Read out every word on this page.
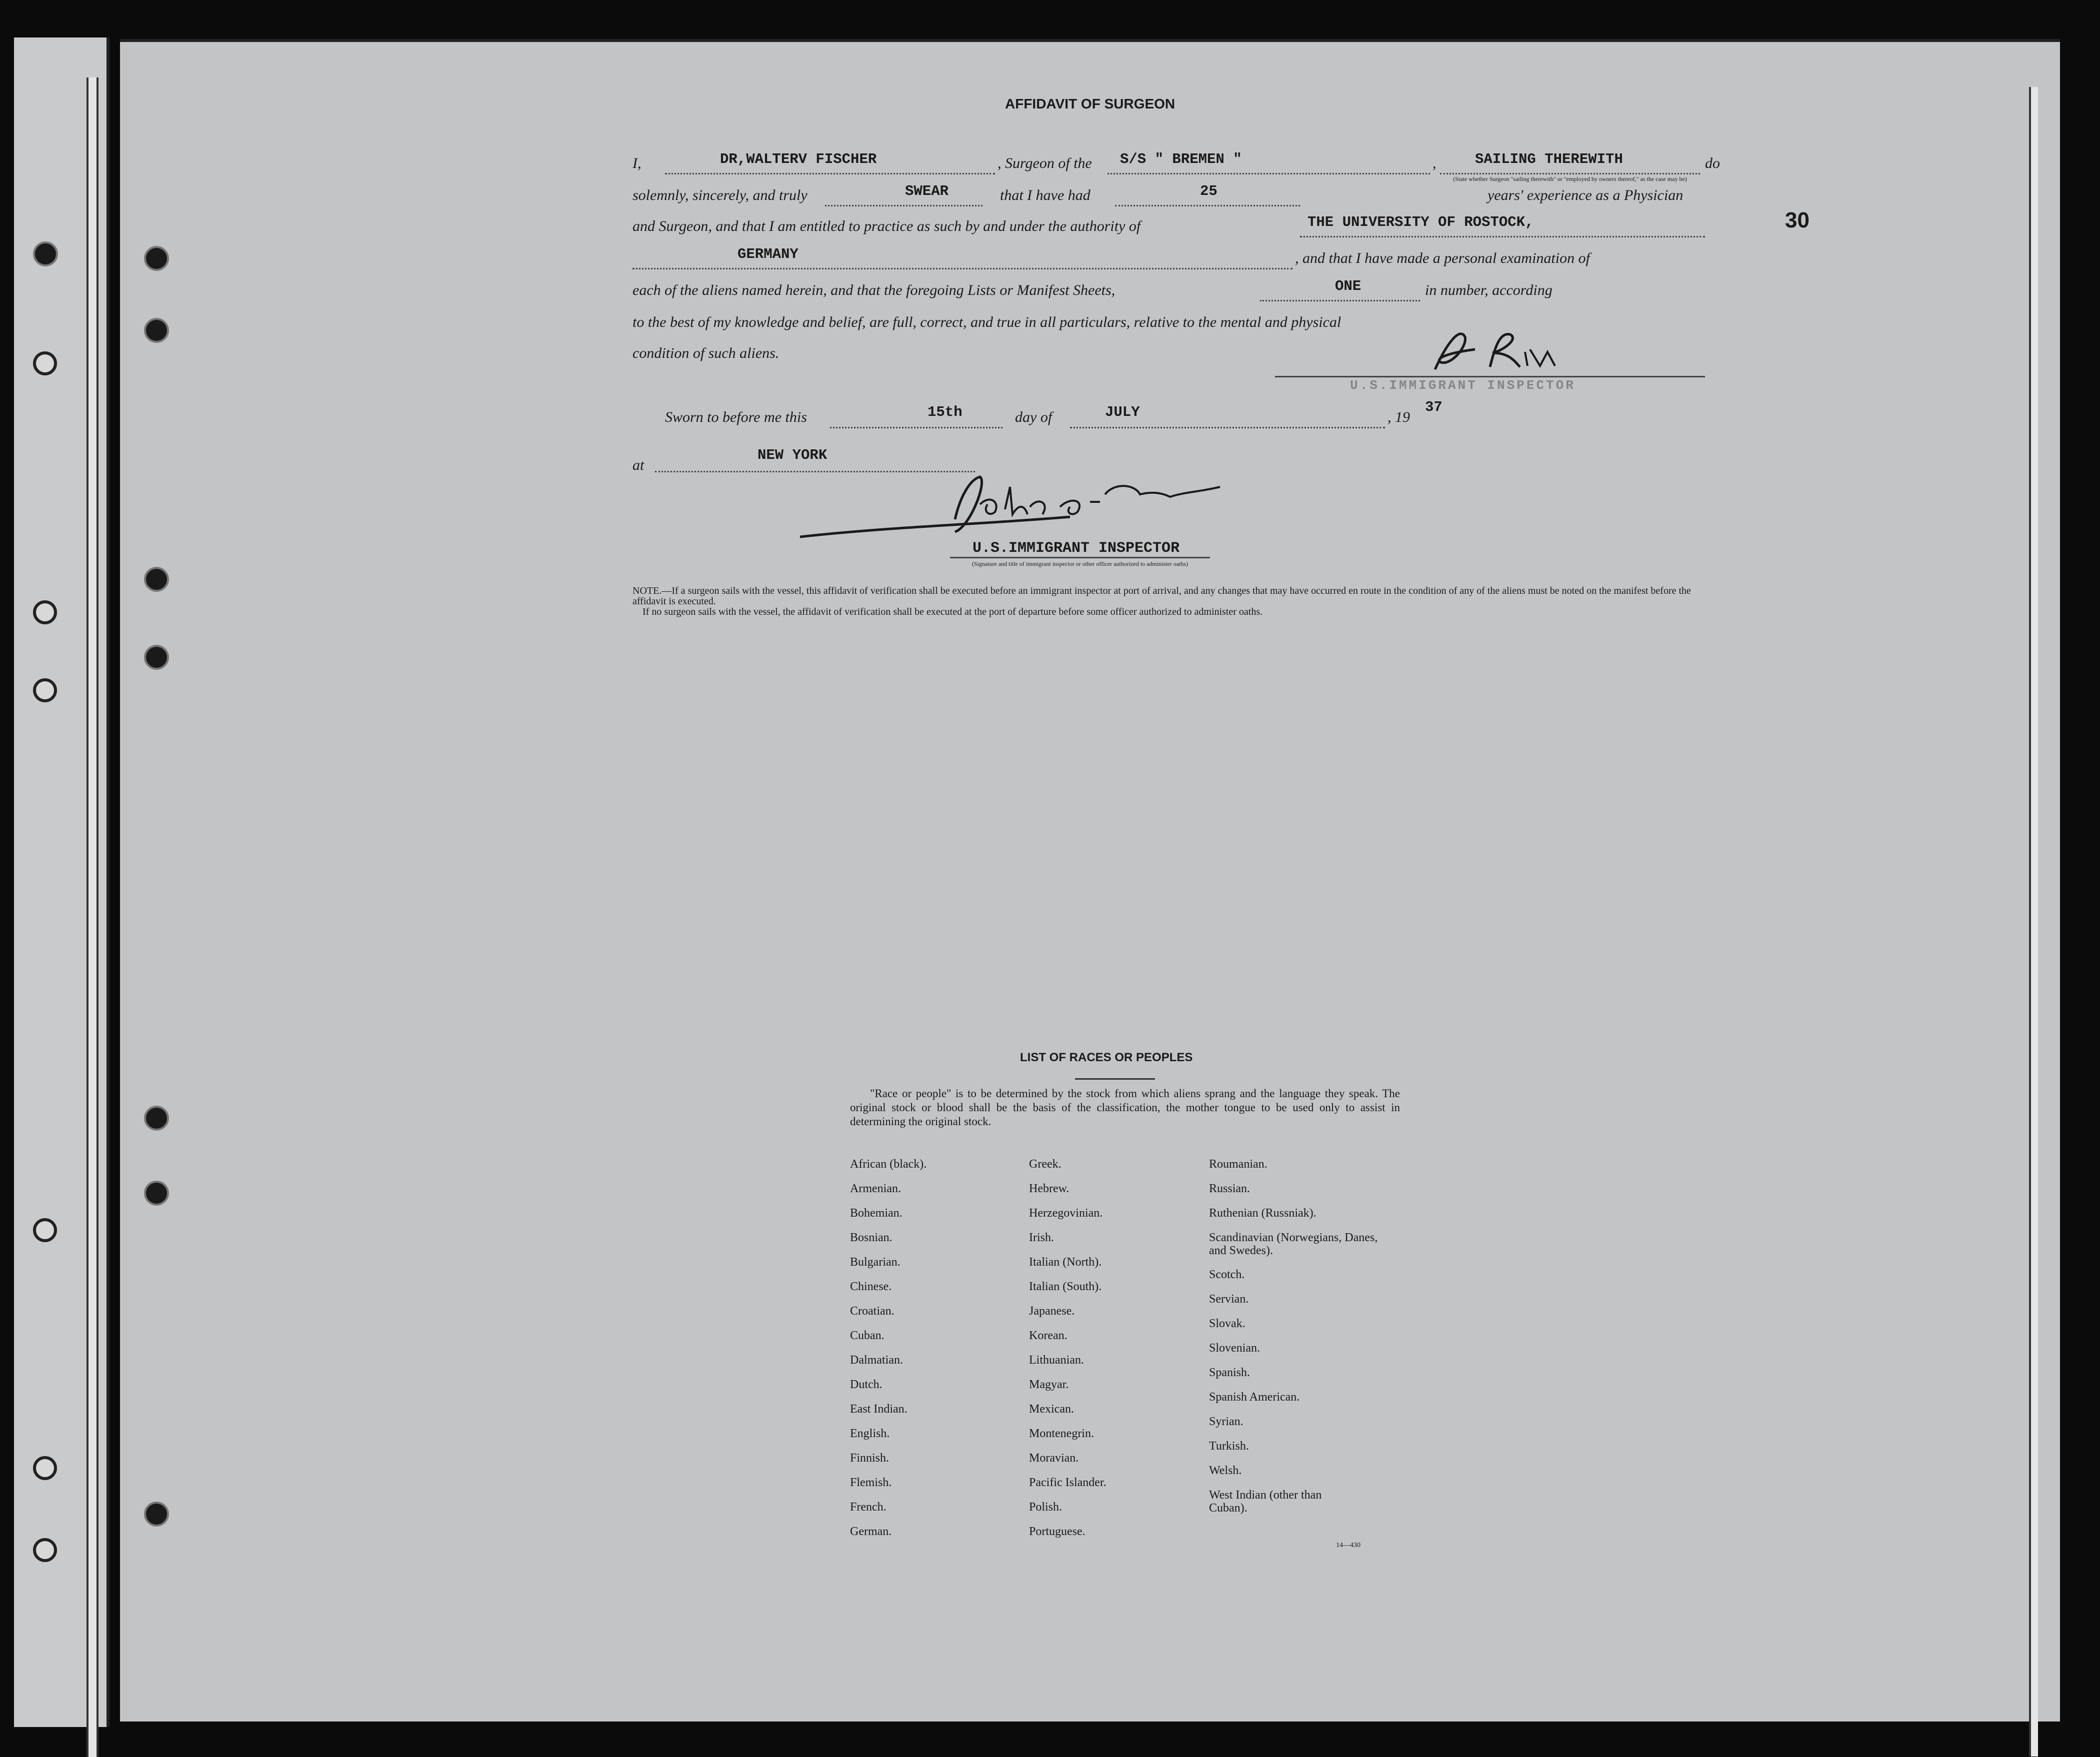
30
AFFIDAVIT OF SURGEON
I,	DR,WALTERV FISCHER	, Surgeon of the S/S " BREMEN "	,	SAILING THEREWITH	do
(State whether Surgeon "sailing therewith" or "employed by owners thereof," as the case may be)
solemnly, sincerely, and truly	SWEAR	that I have had	25	years' experience as a Physician
and Surgeon, and that I am entitled to practice as such by and under the authority of	THE UNIVERSITY OF ROSTOCK,
GERMANY	, and that I have made a personal examination of
each of the aliens named herein, and that the foregoing Lists or Manifest Sheets,	ONE	in number, according
to the best of my knowledge and belief, are full, correct, and true in all particulars, relative to the mental and physical
condition of such aliens.
U.S.IMMIGRANT INSPECTOR
Sworn to before me this	15th	day of	JULY	, 19
37
at
NEW YORK
U.S.IMMIGRANT INSPECTOR
(Signature and title of immigrant inspector or other officer authorized to administer oaths)
NOTE.—If a surgeon sails with the vessel, this affidavit of verification shall be executed before an immigrant inspector at port of arrival, and any changes that may have occurred en route in the condition of any of the aliens must be noted on the manifest before the affidavit is executed.
If no surgeon sails with the vessel, the affidavit of verification shall be executed at the port of departure before some officer authorized to administer oaths.
LIST OF RACES OR PEOPLES
"Race or people" is to be determined by the stock from which aliens sprang and the language they speak. The original stock or blood shall be the basis of the classification, the mother tongue to be used only to assist in determining the original stock.
African (black).
Armenian.
Bohemian.
Bosnian.
Bulgarian.
Chinese.
Croatian.
Cuban.
Dalmatian.
Dutch.
East Indian.
English.
Finnish.
Flemish.
French.
German.
Greek.
Hebrew.
Herzegovinian.
Irish.
Italian (North).
Italian (South).
Japanese.
Korean.
Lithuanian.
Magyar.
Mexican.
Montenegrin.
Moravian.
Pacific Islander.
Polish.
Portuguese.
Roumanian.
Russian.
Ruthenian (Russniak).
Scandinavian (Norwegians, Danes, and Swedes).
Scotch.
Servian.
Slovak.
Slovenian.
Spanish.
Spanish American.
Syrian.
Turkish.
Welsh.
West Indian (other than Cuban).
14—430
